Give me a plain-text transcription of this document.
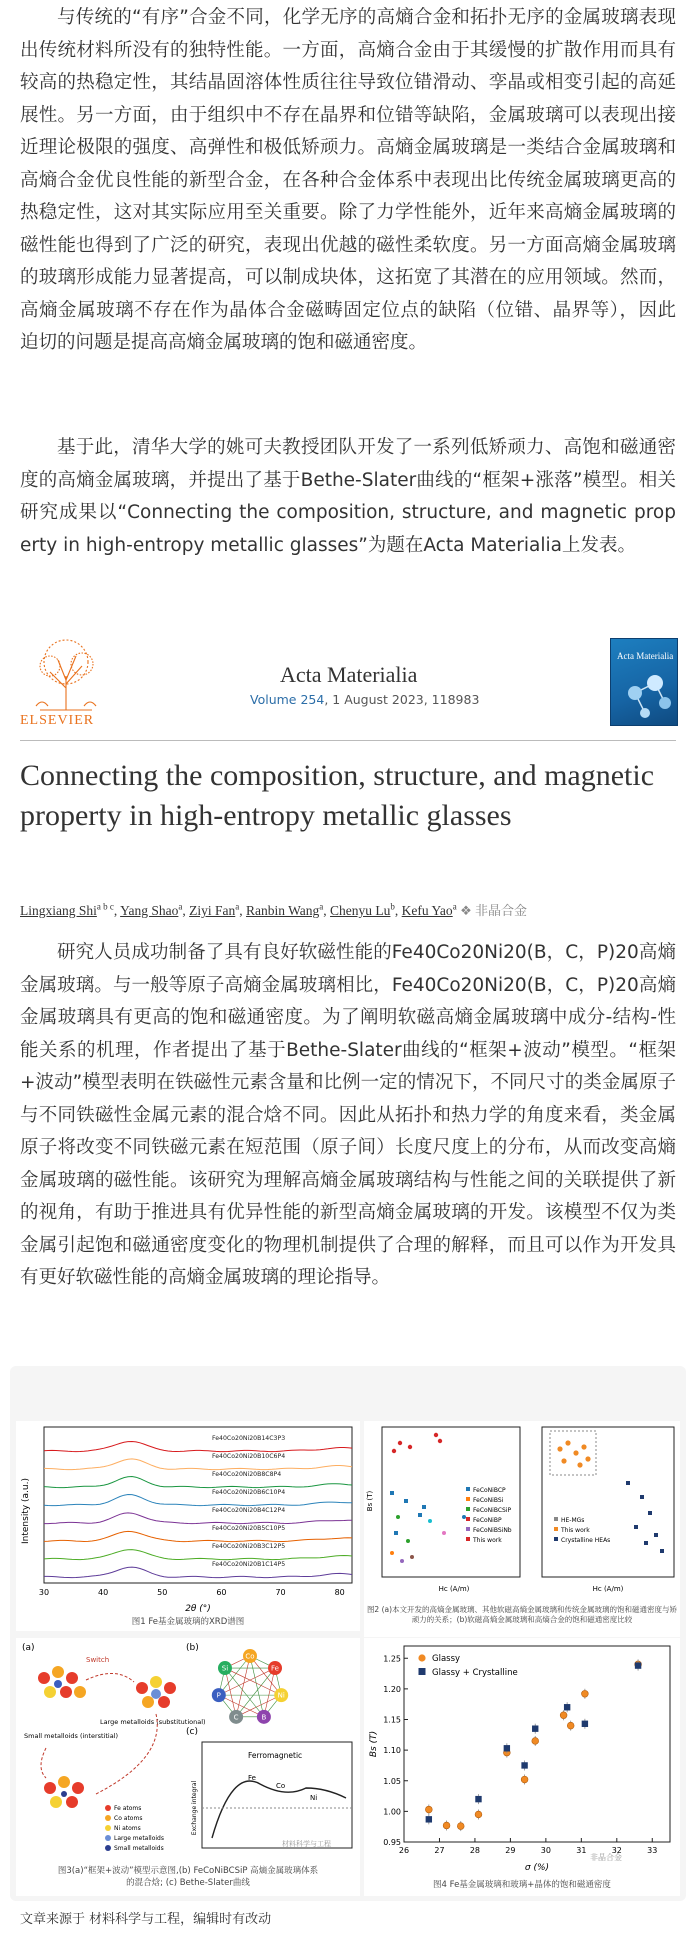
与传统的“有序”合金不同，化学无序的高熵合金和拓扑无序的金属玻璃表现出传统材料所没有的独特性能。一方面，高熵合金由于其缓慢的扩散作用而具有较高的热稳定性，其结晶固溶体性质往往导致位错滑动、孪晶或相变引起的高延展性。另一方面，由于组织中不存在晶界和位错等缺陷，金属玻璃可以表现出接近理论极限的强度、高弹性和极低矫顽力。高熵金属玻璃是一类结合金属玻璃和高熵合金优良性能的新型合金，在各种合金体系中表现出比传统金属玻璃更高的热稳定性，这对其实际应用至关重要。除了力学性能外，近年来高熵金属玻璃的磁性能也得到了广泛的研究，表现出优越的磁性柔软度。另一方面高熵金属玻璃的玻璃形成能力显著提高，可以制成块体，这拓宽了其潜在的应用领域。然而，高熵金属玻璃不存在作为晶体合金磁畴固定位点的缺陷（位错、晶界等），因此迫切的问题是提高高熵金属玻璃的饱和磁通密度。

基于此，清华大学的姚可夫教授团队开发了一系列低矫顽力、高饱和磁通密度的高熵金属玻璃，并提出了基于Bethe-Slater曲线的“框架+涨落”模型。相关研究成果以“Connecting the composition, structure, and magnetic property in high-entropy metallic glasses”为题在Acta Materialia上发表。

ELSEVIER
Acta Materialia
Volume 254, 1 August 2023, 118983
Acta Materialia
Connecting the composition, structure, and magnetic property in high-entropy metallic glasses
Lingxiang Shi$^{a b c}$, Yang Shao$^a$, Ziyi Fan$^a$, Ranbin Wang$^a$, Chenyu Lu$^b$, Kefu Yao$^a$ ❖ 非晶合金

研究人员成功制备了具有良好软磁性能的Fe40Co20Ni20(B，C，P)20高熵金属玻璃。与一般等原子高熵金属玻璃相比，Fe40Co20Ni20(B，C，P)20高熵金属玻璃具有更高的饱和磁通密度。为了阐明软磁高熵金属玻璃中成分-结构-性能关系的机理，作者提出了基于Bethe-Slater曲线的“框架+波动”模型。“框架+波动”模型表明在铁磁性元素含量和比例一定的情况下，不同尺寸的类金属原子与不同铁磁性金属元素的混合焓不同。因此从拓扑和热力学的角度来看，类金属原子将改变不同铁磁元素在短范围（原子间）长度尺度上的分布，从而改变高熵金属玻璃的磁性能。该研究为理解高熵金属玻璃结构与性能之间的关联提供了新的视角，有助于推进具有优异性能的新型高熵金属玻璃的开发。该模型不仅为类金属引起饱和磁通密度变化的物理机制提供了合理的解释，而且可以作为开发具有更好软磁性能的高熵金属玻璃的理论指导。

Intensity (a.u.)
Fe40Co20Ni20B14C3P3
Fe40Co20Ni20B10C6P4
Fe40Co20Ni20B8C8P4
Fe40Co20Ni20B6C10P4
Fe40Co20Ni20B4C12P4
Fe40Co20Ni20B5C10P5
Fe40Co20Ni20B3C12P5
Fe40Co20Ni20B1C14P5
30	40	50	60	70	80
2θ (°)
图1 Fe基金属玻璃的XRD谱图
Bs (T)
Hc (A/m)
FeCoNiBCP
FeCoNiBSi
FeCoNiBCSiP
FeCoNiBP
FeCoNiBSiNb
This work
HE-MGs
This work
Crystalline HEAs
Hc (A/m)
图2 (a)本文开发的高熵金属玻璃、其他软磁高熵金属玻璃和传统金属玻璃的饱和磁通密度与矫顽力的关系；(b)软磁高熵金属玻璃和高熵合金的饱和磁通密度比较
(a)	(b)
(c)
Switch
Large metalloids (substitutional)
Small metalloids (interstitial)
Fe atoms
Co atoms
Ni atoms
Large metalloids
Small metalloids
Co
Fe
Ni
B
C
P
Si
Ferromagnetic
Fe
Co
Ni
Exchange integral
材料科学与工程
图3(a)“框架+波动”模型示意图,(b) FeCoNiBCSiP 高熵金属玻璃体系
的混合焓; (c) Bethe-Slater曲线
0.95
1.00
1.05
1.10
1.15
1.20
1.25
26	27	28	29	30	31	32	33
Glassy
Glassy + Crystalline
Bs (T)
σ (%)
非晶合金
图4 Fe基金属玻璃和玻璃+晶体的饱和磁通密度
文章来源于 材料科学与工程，编辑时有改动
